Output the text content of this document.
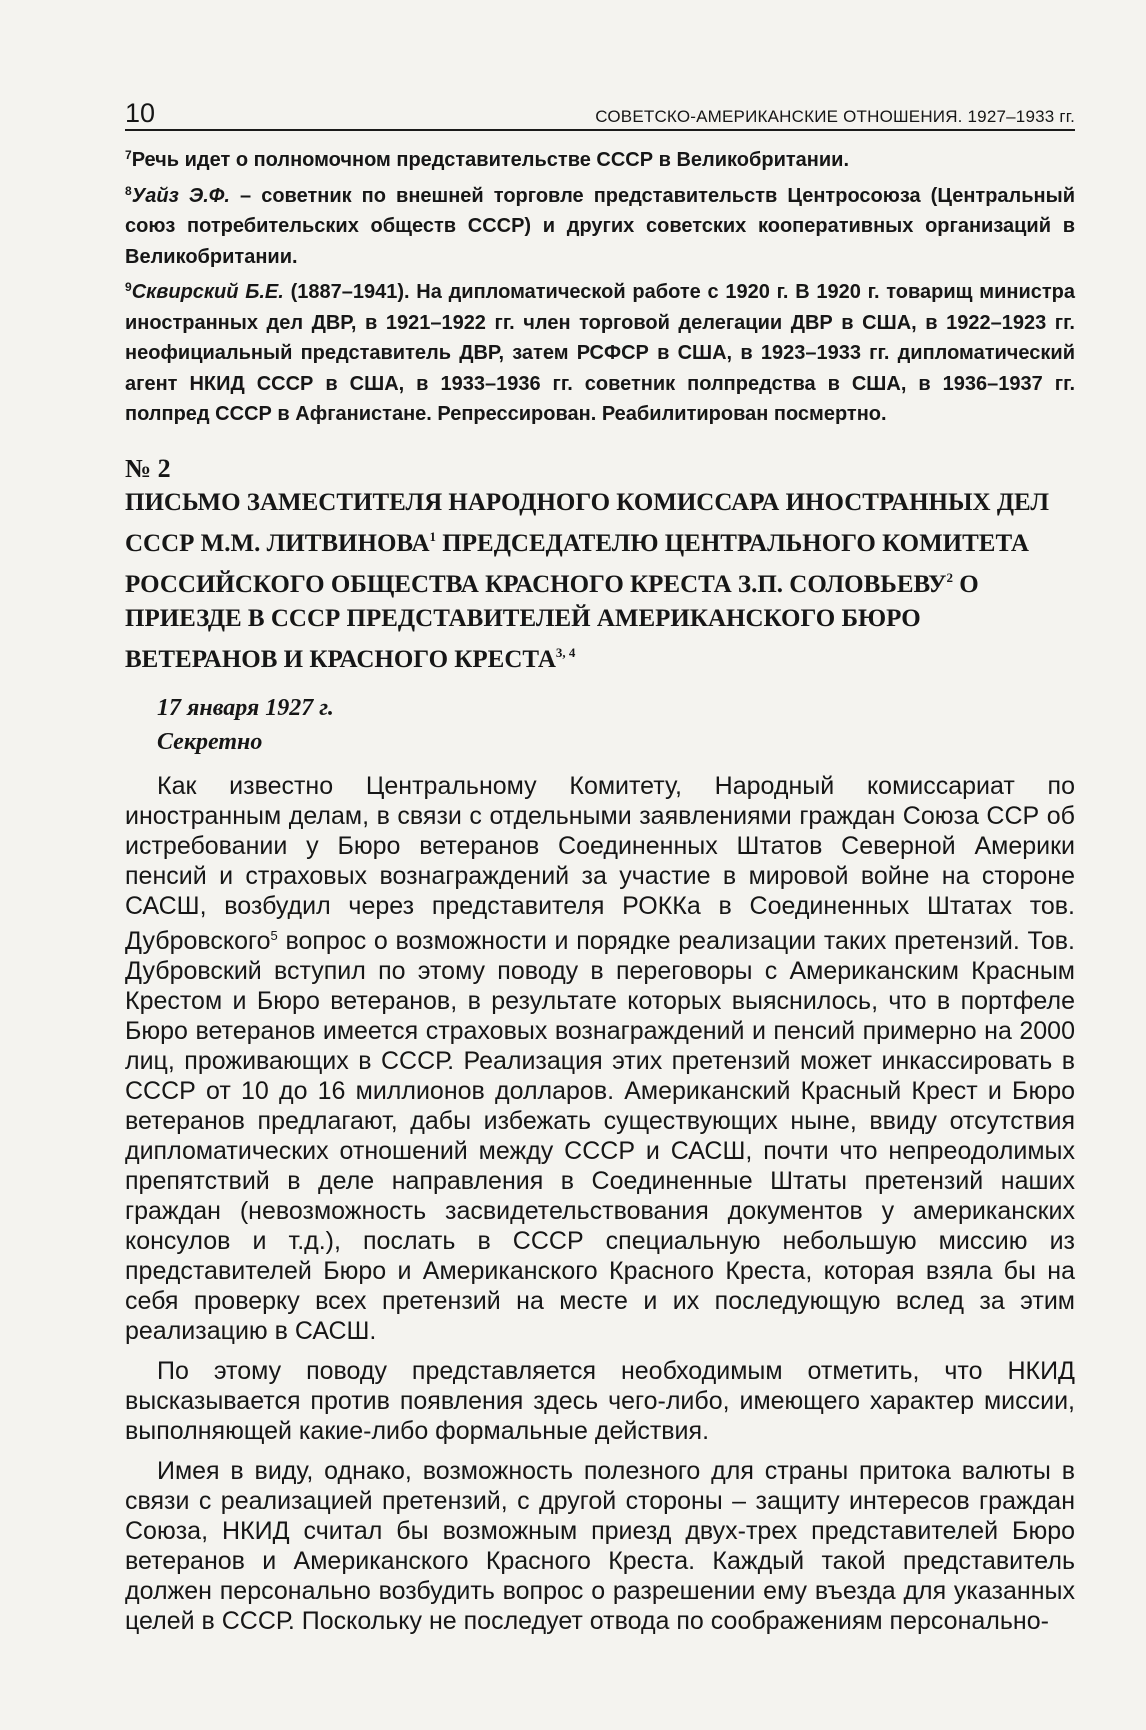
10	СОВЕТСКО-АМЕРИКАНСКИЕ ОТНОШЕНИЯ. 1927–1933 гг.

$^7$Речь идет о полномочном представительстве СССР в Великобритании.

$^8$Уайз Э.Ф. – советник по внешней торговле представительств Центросоюза (Центральный союз потребительских обществ СССР) и других советских кооперативных организаций в Великобритании.

$^9$Сквирский Б.Е. (1887–1941). На дипломатической работе с 1920 г. В 1920 г. товарищ министра иностранных дел ДВР, в 1921–1922 гг. член торговой делегации ДВР в США, в 1922–1923 гг. неофициальный представитель ДВР, затем РСФСР в США, в 1923–1933 гг. дипломатический агент НКИД СССР в США, в 1933–1936 гг. советник полпредства в США, в 1936–1937 гг. полпред СССР в Афганистане. Репрессирован. Реабилитирован посмертно.

№ 2

ПИСЬМО ЗАМЕСТИТЕЛЯ НАРОДНОГО КОМИССАРА ИНОСТРАННЫХ ДЕЛ СССР М.М. ЛИТВИНОВА$^1$ ПРЕДСЕДАТЕЛЮ ЦЕНТРАЛЬНОГО КОМИТЕТА РОССИЙСКОГО ОБЩЕСТВА КРАСНОГО КРЕСТА З.П. СОЛОВЬЕВУ$^2$ О ПРИЕЗДЕ В СССР ПРЕДСТАВИТЕЛЕЙ АМЕРИКАНСКОГО БЮРО ВЕТЕРАНОВ И КРАСНОГО КРЕСТА$^{3, 4}$

17 января 1927 г.
Секретно

Как известно Центральному Комитету, Народный комиссариат по иностранным делам, в связи с отдельными заявлениями граждан Союза ССР об истребовании у Бюро ветеранов Соединенных Штатов Северной Америки пенсий и страховых вознаграждений за участие в мировой войне на стороне САСШ, возбудил через представителя РОККа в Соединенных Штатах тов. Дубровского$^5$ вопрос о возможности и порядке реализации таких претензий. Тов. Дубровский вступил по этому поводу в переговоры с Американским Красным Крестом и Бюро ветеранов, в результате которых выяснилось, что в портфеле Бюро ветеранов имеется страховых вознаграждений и пенсий примерно на 2000 лиц, проживающих в СССР. Реализация этих претензий может инкассировать в СССР от 10 до 16 миллионов долларов. Американский Красный Крест и Бюро ветеранов предлагают, дабы избежать существующих ныне, ввиду отсутствия дипломатических отношений между СССР и САСШ, почти что непреодолимых препятствий в деле направления в Соединенные Штаты претензий наших граждан (невозможность засвидетельствования документов у американских консулов и т.д.), послать в СССР специальную небольшую миссию из представителей Бюро и Американского Красного Креста, которая взяла бы на себя проверку всех претензий на месте и их последующую вслед за этим реализацию в САСШ.

По этому поводу представляется необходимым отметить, что НКИД высказывается против появления здесь чего-либо, имеющего характер миссии, выполняющей какие-либо формальные действия.

Имея в виду, однако, возможность полезного для страны притока валюты в связи с реализацией претензий, с другой стороны – защиту интересов граждан Союза, НКИД считал бы возможным приезд двух-трех представителей Бюро ветеранов и Американского Красного Креста. Каждый такой представитель должен персонально возбудить вопрос о разрешении ему въезда для указанных целей в СССР. Поскольку не последует отвода по соображениям персонально-
